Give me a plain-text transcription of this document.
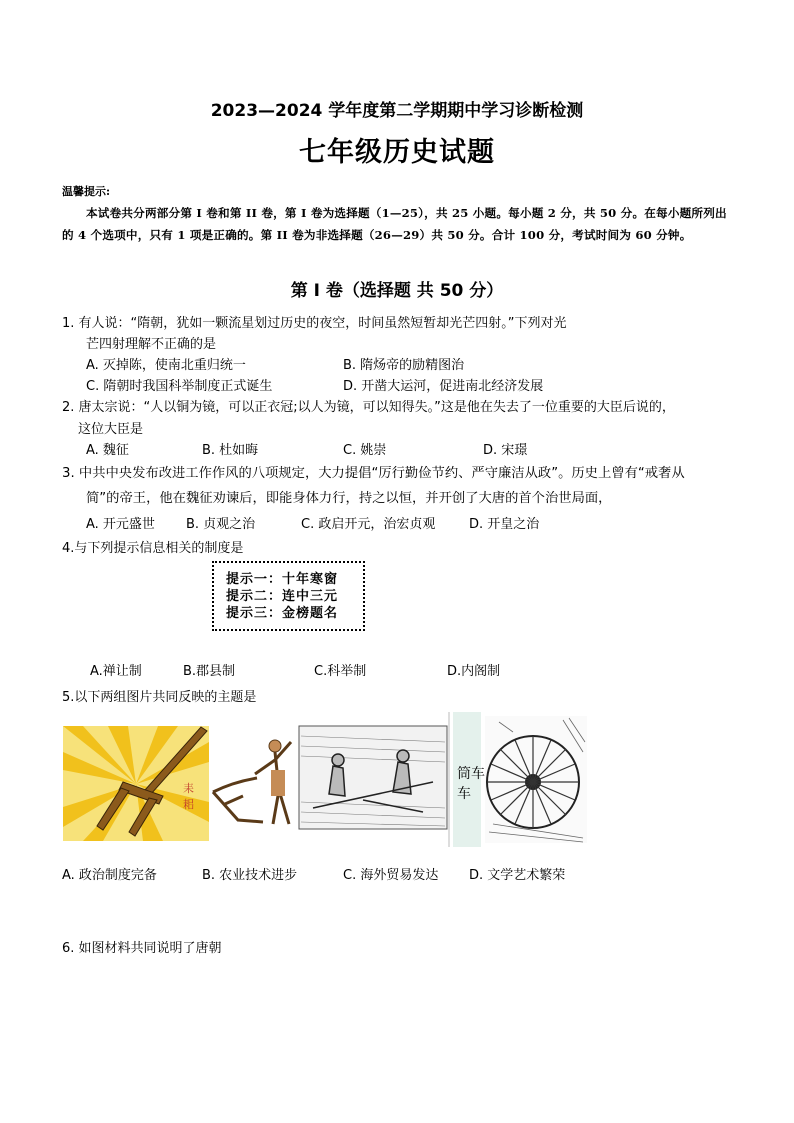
2023—2024 学年度第二学期期中学习诊断检测
七年级历史试题
温馨提示:
本试卷共分两部分第 I 卷和第 II 卷，第 I 卷为选择题（1—25），共 25 小题。每小题 2 分，共 50 分。在每小题所列出的 4 个选项中，只有 1 项是正确的。第 II 卷为非选择题（26—29）共 50 分。合计 100 分，考试时间为 60 分钟。
第 I 卷（选择题 共 50 分）
1. 有人说：“隋朝，犹如一颗流星划过历史的夜空，时间虽然短暂却光芒四射。”下列对光
芒四射理解不正确的是
A. 灭掉陈，使南北重归统一	B. 隋炀帝的励精图治
C. 隋朝时我国科举制度正式诞生	D. 开凿大运河，促进南北经济发展
2. 唐太宗说：“人以铜为镜，可以正衣冠;以人为镜，可以知得失。”这是他在失去了一位重要的大臣后说的，
这位大臣是
A. 魏征	B. 杜如晦	C. 姚崇	D. 宋璟
3. 中共中央发布改进工作作风的八项规定，大力提倡“厉行勤俭节约、严守廉洁从政”。历史上曾有“戒奢从
简”的帝王，他在魏征劝谏后，即能身体力行，持之以恒，并开创了大唐的首个治世局面，
A. 开元盛世 B. 贞观之治	C. 政启开元，治宏贞观	D. 开皇之治
4.与下列提示信息相关的制度是
提示一：十年寒窗
提示二：连中三元
提示三：金榜题名
A.禅让制	B.郡县制	C.科举制	D.内阁制
5.以下两组图片共同反映的主题是
耒
耜
筒车
车
A. 政治制度完备	B. 农业技术进步	C. 海外贸易发达 D. 文学艺术繁荣
6. 如图材料共同说明了唐朝
